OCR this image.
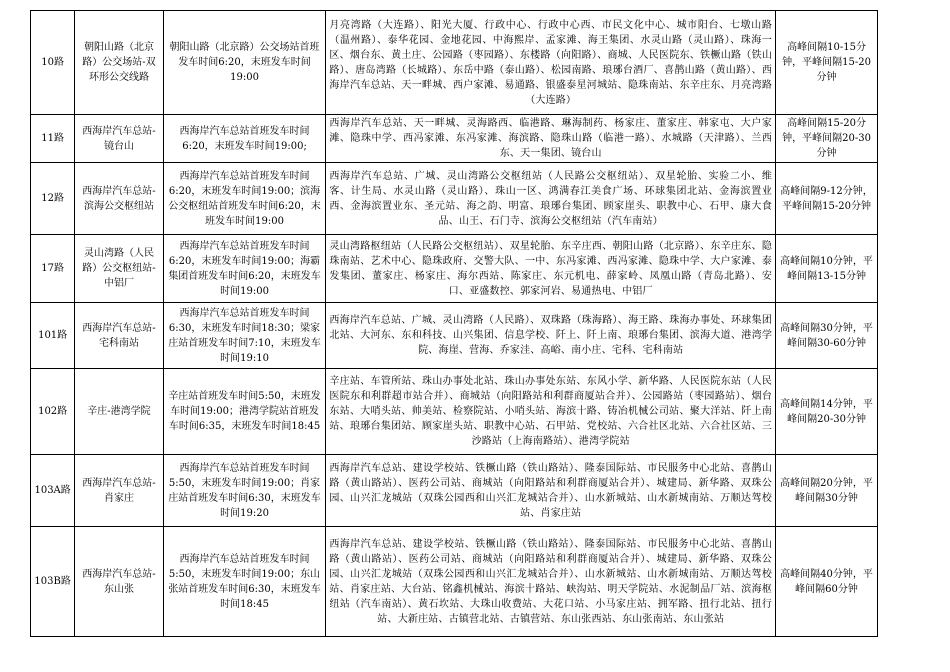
10路	朝阳山路（北京路）公交场站-双环形公交线路	朝阳山路（北京路）公交场站首班发车时间6:20，末班发车时间19:00	月亮湾路（大连路）、阳光大厦、行政中心、行政中心西、市民文化中心、城市阳台、七墩山路（温州路）、泰华花园、金地花园、中海熙岸、孟家滩、海王集团、水灵山路（灵山路）、珠海一区、烟台东、黄土庄、公园路（枣园路）、东楼路（向阳路）、商城、人民医院东、铁橛山路（铁山路）、唐岛湾路（长城路）、东岳中路（泰山路）、松园南路、琅琊台酒厂、喜鹊山路（黄山路）、西海岸汽车总站、天一畔城、西户家滩、易通路、银盛泰星河城站、隐珠南站、东辛庄东、月亮湾路（大连路）	高峰间隔10-15分钟，平峰间隔15-20分钟
11路	西海岸汽车总站-镜台山	西海岸汽车总站首班发车时间6:20，末班发车时间19:00;	西海岸汽车总站、天一畔城、灵海路西、临港路、琳海制药、杨家庄、董家庄、韩家屯、大户家滩、隐珠中学、西冯家滩、东冯家滩、海滨路、隐珠山路（临港一路）、水城路（天津路）、兰西东、天一集团、镜台山	高峰间隔15-20分钟，平峰间隔20-30分钟
12路	西海岸汽车总站-滨海公交枢纽站	西海岸汽车总站首班发车时间6:20，末班发车时间19:00；滨海公交枢纽站首班发车时间6:20，末班发车时间19:00	西海岸汽车总站、广城、灵山湾路公交枢纽站（人民路公交枢纽站）、双星轮胎、实验二小、维客、计生局、水灵山路（灵山路）、珠山一区、鸿满春江美食广场、环球集团北站、金海滨置业西、金海滨置业东、圣元站、海之韵、明富、琅琊台集团、顾家崖头、职教中心、石甲、康大食品、山王、石门寺、滨海公交枢纽站（汽车南站）	高峰间隔9-12分钟，平峰间隔15-20分钟
17路	灵山湾路（人民路）公交枢纽站-中铝厂	西海岸汽车总站首班发车时间6:20，末班发车时间19:00；海霸集团首班发车时间6:20，末班发车时间19:00	灵山湾路枢纽站（人民路公交枢纽站）、双星轮胎、东辛庄西、朝阳山路（北京路）、东辛庄东、隐珠南站、艺术中心、隐珠政府、交警大队、一中、东冯家滩、西冯家滩、隐珠中学、大户家滩、泰发集团、董家庄、杨家庄、海尔西站、陈家庄、东元机电、薛家岭、凤凰山路（青岛北路）、安口、亚盛数控、郭家河岩、易通热电、中铝厂	高峰间隔10分钟，平峰间隔13-15分钟
101路	西海岸汽车总站-宅科南站	西海岸汽车总站首班发车时间6:30，末班发车时间18:30；梁家庄站首班发车时间7:10，末班发车时间19:10	西海岸汽车总站、广城、灵山湾路（人民路）、双珠路（珠海路）、海王路、珠海办事处、环球集团北站、大河东、东和科技、山兴集团、信息学校、阡上、阡上南、琅琊台集团、滨海大道、港湾学院、海崖、营海、乔家洼、高峪、南小庄、宅科、宅科南站	高峰间隔30分钟，平峰间隔30-60分钟
102路	辛庄-港湾学院	辛庄站首班发车时间5:50，末班发车时间19:00；港湾学院站首班发车时间6:35，末班发车时间18:45	辛庄站、车管所站、珠山办事处北站、珠山办事处东站、东风小学、新华路、人民医院东站（人民医院东和利群超市站合并）、商城站（向阳路站和利群商厦站合并）、公园路站（枣园路站）、烟台东站、大哨头站、帅美站、检察院站、小哨头站、海滨十路、铸冶机械公司站、聚大洋站、阡上南站、琅琊台集团站、顾家崖头站、职教中心站、石甲站、党校站、六合社区北站、六合社区站、三沙路站（上海南路站）、港湾学院站	高峰间隔14分钟，平峰间隔20-30分钟
103A路	西海岸汽车总站-肖家庄	西海岸汽车总站首班发车时间5:50，末班发车时间19:00；肖家庄站首班发车时间6:30，末班发车时间19:20	西海岸汽车总站、建设学校站、铁橛山路（铁山路站）、隆泰国际站、市民服务中心北站、喜鹊山路（黄山路站）、医药公司站、商城站（向阳路站和利群商厦站合并）、城建局、新华路、双珠公园、山兴汇龙城站（双珠公园西和山兴汇龙城站合并）、山水新城站、山水新城南站、万顺达驾校站、肖家庄站	高峰间隔20分钟，平峰间隔30分钟
103B路	西海岸汽车总站-东山张	西海岸汽车总站首班发车时间5:50，末班发车时间19:00；东山张站首班发车时间6:30，末班发车时间18:45	西海岸汽车总站、建设学校站、铁橛山路（铁山路站）、隆泰国际站、市民服务中心北站、喜鹊山路（黄山路站）、医药公司站、商城站（向阳路站和利群商厦站合并）、城建局、新华路、双珠公园、山兴汇龙城站（双珠公园西和山兴汇龙城站合并）、山水新城站、山水新城南站、万顺达驾校站、肖家庄站、大台站、铭鑫机械站、海滨十路站、峡沟站、明天学院站、水泥制品厂站、滨海枢纽站（汽车南站）、黄石坎站、大珠山收费站、大花口站、小马家庄站、拥军路、扭行北站、扭行站、大新庄站、古镇营北站、古镇营站、东山张西站、东山张南站、东山张站	高峰间隔40分钟，平峰间隔60分钟
